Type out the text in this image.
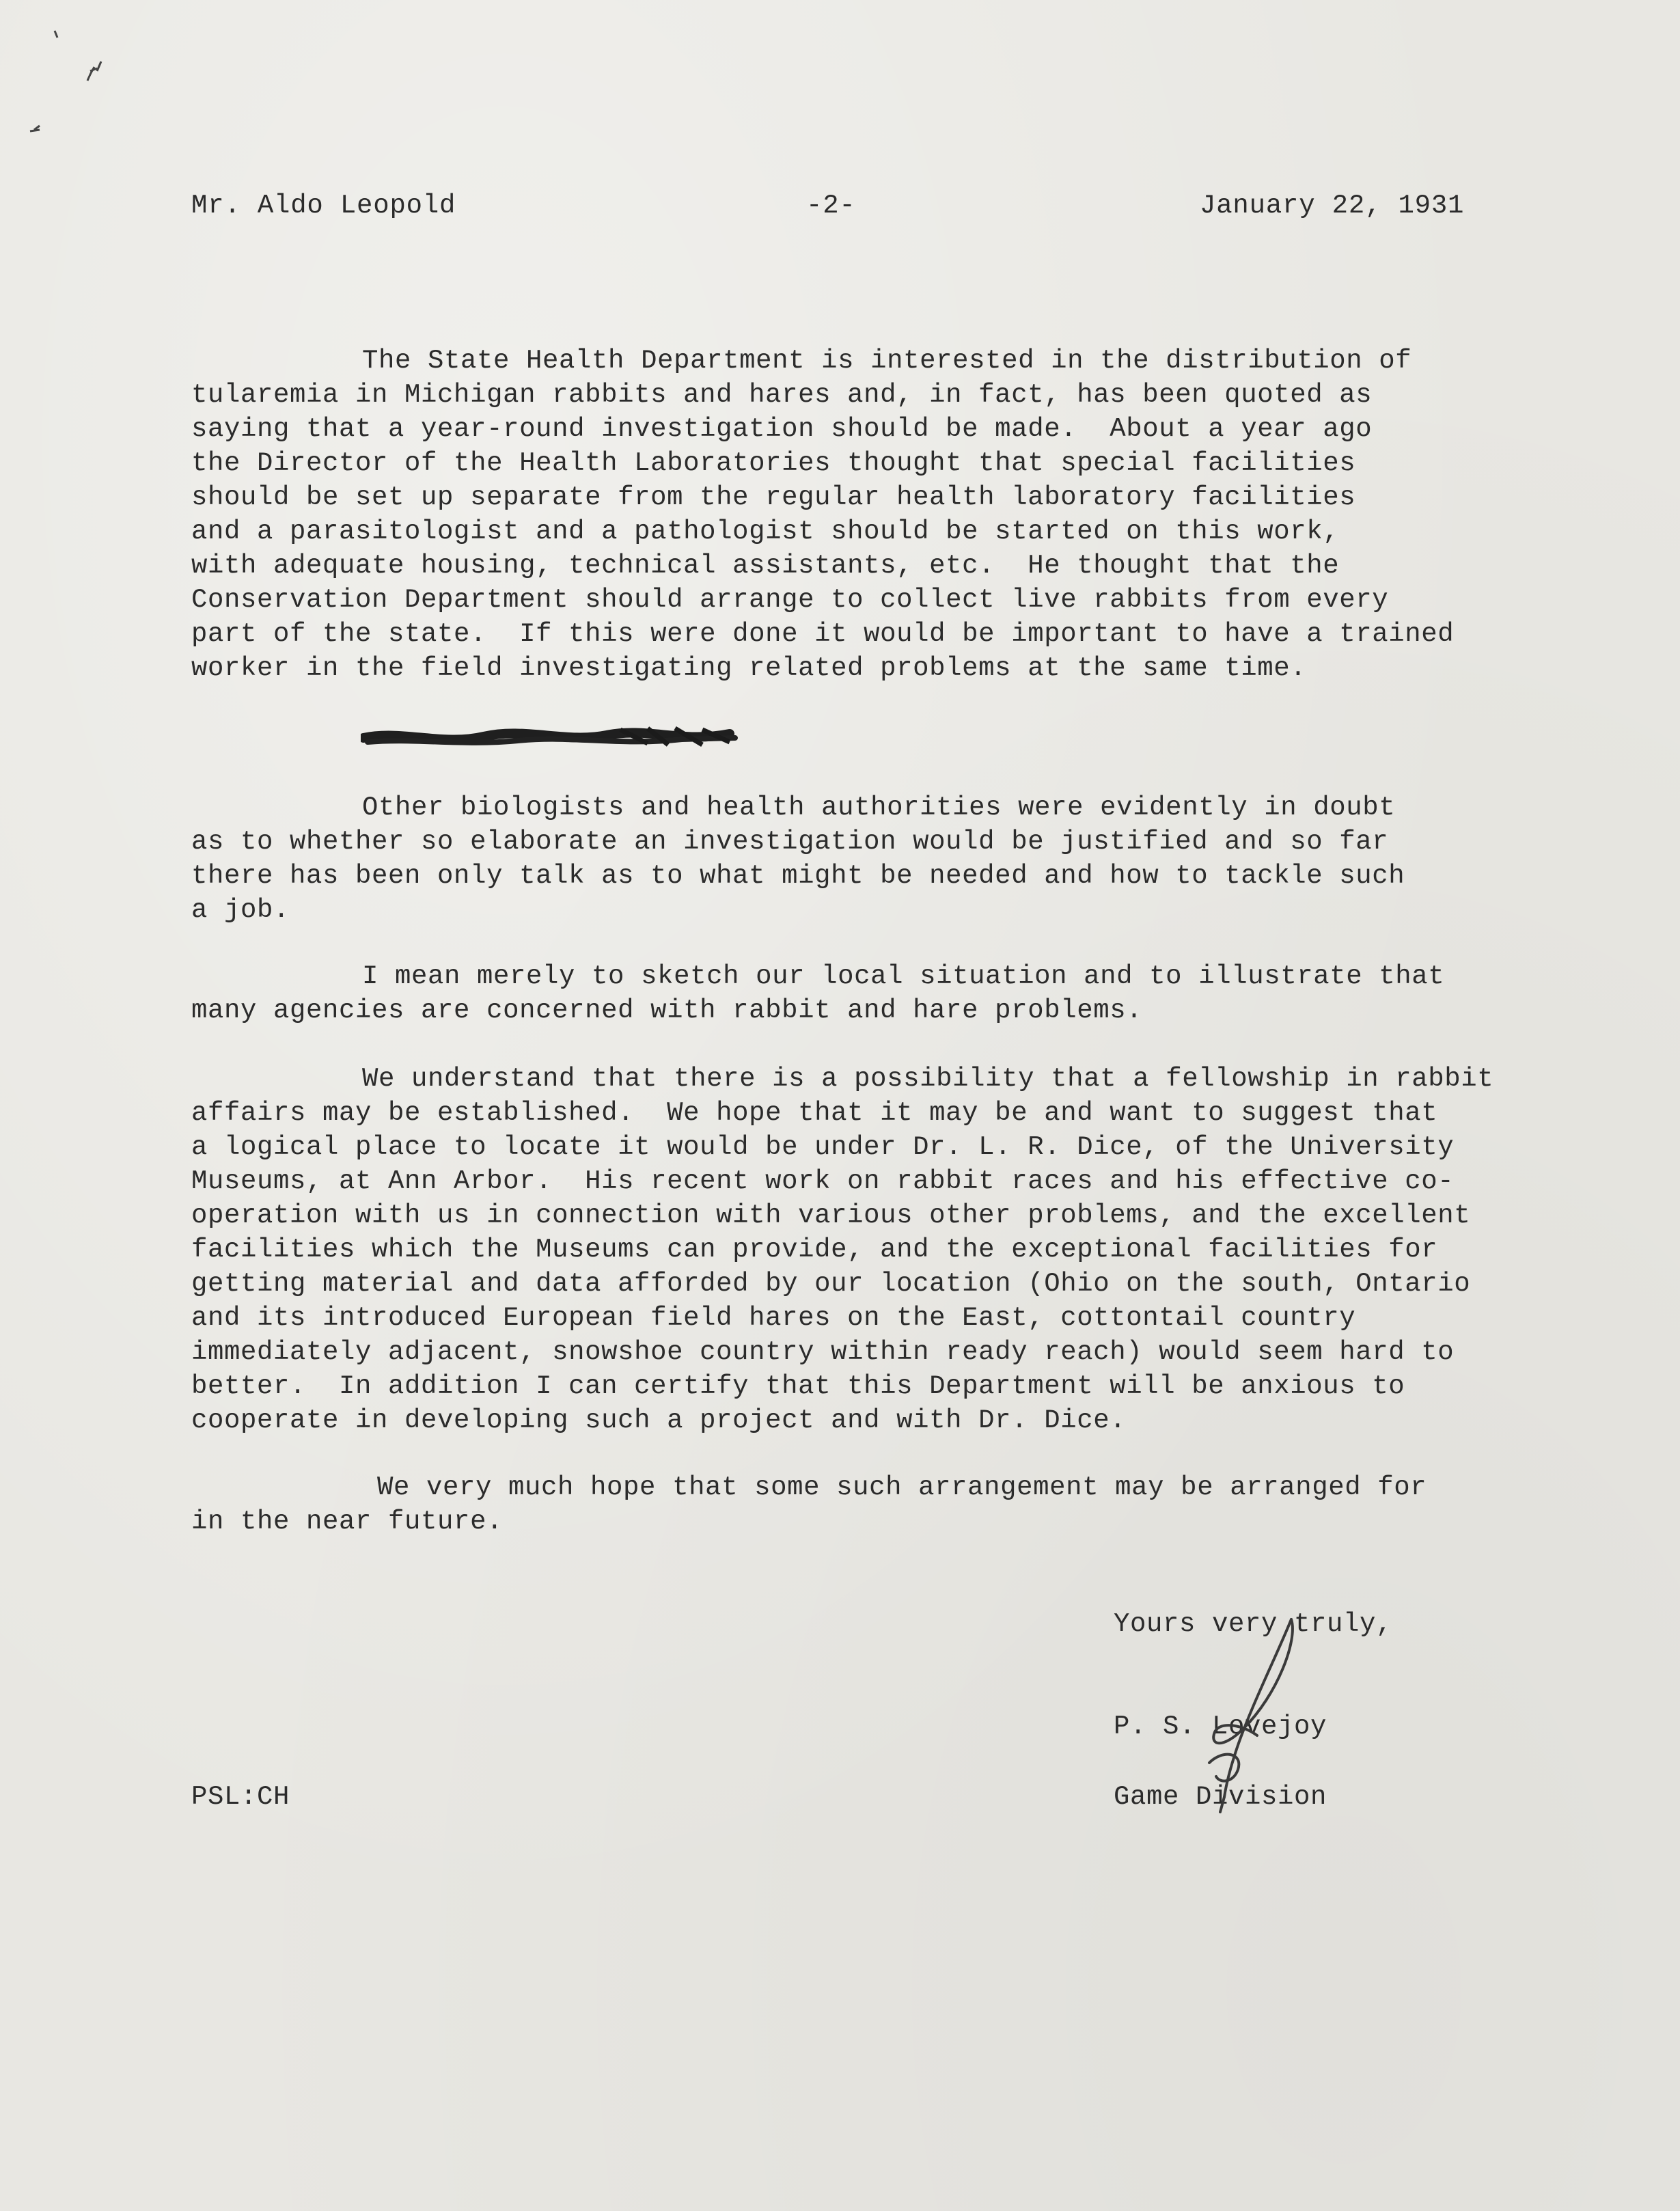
Mr. Aldo Leopold	-2-	January 22, 1931
The State Health Department is interested in the distribution of
tularemia in Michigan rabbits and hares and, in fact, has been quoted as
saying that a year-round investigation should be made.  About a year ago
the Director of the Health Laboratories thought that special facilities
should be set up separate from the regular health laboratory facilities
and a parasitologist and a pathologist should be started on this work,
with adequate housing, technical assistants, etc.  He thought that the
Conservation Department should arrange to collect live rabbits from every
part of the state.  If this were done it would be important to have a trained
worker in the field investigating related problems at the same time.
Other biologists and health authorities were evidently in doubt
as to whether so elaborate an investigation would be justified and so far
there has been only talk as to what might be needed and how to tackle such
a job.
I mean merely to sketch our local situation and to illustrate that
many agencies are concerned with rabbit and hare problems.
We understand that there is a possibility that a fellowship in rabbit
affairs may be established.  We hope that it may be and want to suggest that
a logical place to locate it would be under Dr. L. R. Dice, of the University
Museums, at Ann Arbor.  His recent work on rabbit races and his effective co-
operation with us in connection with various other problems, and the excellent
facilities which the Museums can provide, and the exceptional facilities for
getting material and data afforded by our location (Ohio on the south, Ontario
and its introduced European field hares on the East, cottontail country
immediately adjacent, snowshoe country within ready reach) would seem hard to
better.  In addition I can certify that this Department will be anxious to
cooperate in developing such a project and with Dr. Dice.
We very much hope that some such arrangement may be arranged for
in the near future.
Yours very truly,
P. S. Lovejoy
Game Division
PSL:CH
